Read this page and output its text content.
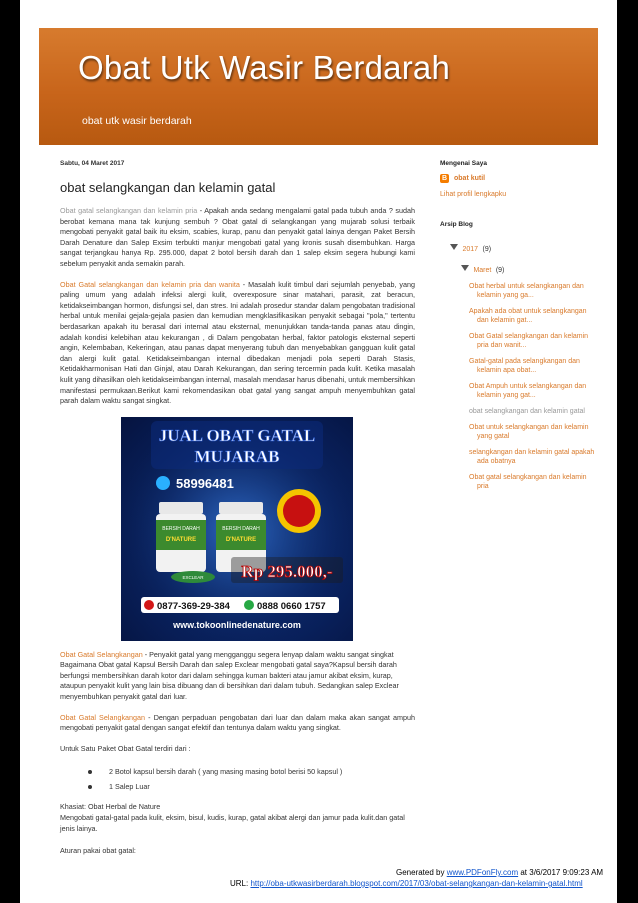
Obat Utk Wasir Berdarah
obat utk wasir berdarah
Sabtu, 04 Maret 2017
obat selangkangan dan kelamin gatal

Obat gatal selangkangan dan kelamin pria - Apakah anda sedang mengalami gatal pada tubuh anda ? sudah berobat kemana mana tak kunjung sembuh ? Obat gatal di selangkangan yang mujarab solusi terbaik mengobati penyakit gatal baik itu eksim, scabies, kurap, panu dan penyakit gatal lainya dengan Paket Bersih Darah Denature dan Salep Exsim terbukti manjur mengobati gatal yang kronis susah disembuhkan. Harga sangat terjangkau hanya Rp. 295.000, dapat 2 botol bersih darah dan 1 salep eksim segera hubungi kami sebelum penyakit anda semakin parah.

Obat Gatal selangkangan dan kelamin pria dan wanita - Masalah kulit timbul dari sejumlah penyebab, yang paling umum yang adalah infeksi alergi kulit, overexposure sinar matahari, parasit, zat beracun, ketidakseimbangan hormon, disfungsi sel, dan stres. Ini adalah prosedur standar dalam pengobatan tradisional herbal untuk menilai gejala-gejala pasien dan kemudian mengklasifikasikan penyakit sebagai "pola," tertentu berdasarkan apakah itu berasal dari internal atau eksternal, menunjukkan tanda-tanda panas atau dingin, adalah kondisi kelebihan atau kekurangan , di Dalam pengobatan herbal, faktor patologis eksternal seperti angin, Kelembaban, Kekeringan, atau panas dapat menyerang tubuh dan menyebabkan gangguan kulit gatal dan alergi kulit gatal. Ketidakseimbangan internal dibedakan menjadi pola seperti Darah Stasis, Ketidakharmonisan Hati dan Ginjal, atau Darah Kekurangan, dan sering tercermin pada kulit. Ketika masalah kulit yang dihasilkan oleh ketidakseimbangan internal, masalah mendasar harus dibenahi, untuk membersihkan manifestasi permukaan.Berikut kami rekomendasikan obat gatal yang sangat ampuh menyembuhkan gatal parah dalam waktu sangat singkat.

JUAL OBAT GATAL
MUJARAB
58996481
BERSIH DARAH
D'NATURE
BERSIH DARAH
D'NATURE
EXCLEAR Rp 295.000,-
0877-369-29-384	0888 0660 1757
www.tokoonlinedenature.com

Obat Gatal Selangkangan - Penyakit gatal yang mengganggu segera lenyap dalam waktu sangat singkat
Bagaimana Obat gatal Kapsul Bersih Darah dan salep Exclear mengobati gatal saya?Kapsul bersih darah berfungsi membersihkan darah kotor dari dalam sehingga kuman bakteri atau jamur akibat eksim, kurap, ataupun penyakit kulit yang lain bisa dibuang dan di bersihkan dari dalam tubuh. Sedangkan salep Exclear menyembuhkan penyakit gatal dari luar.

Obat Gatal Selangkangan - Dengan perpaduan pengobatan dari luar dan dalam maka akan sangat ampuh mengobati penyakit gatal dengan sangat efektif dan tentunya dalam waktu yang singkat.

Untuk Satu Paket Obat Gatal terdiri dari :

2 Botol kapsul bersih darah ( yang masing masing botol berisi 50 kapsul )
1 Salep Luar

Khasiat: Obat Herbal de Nature
Mengobati gatal-gatal pada kulit, eksim, bisul, kudis, kurap, gatal akibat alergi dan jamur pada kulit.dan gatal jenis lainya.

Aturan pakai obat gatal:

Mengenai Saya
B obat kutil
Lihat profil lengkapku
Arsip Blog
2017 (9)
Maret (9)
Obat herbal untuk selangkangan dan kelamin yang ga...
Apakah ada obat untuk selangkangan dan kelamin gat...
Obat Gatal selangkangan dan kelamin pria dan wanit...
Gatal-gatal pada selangkangan dan kelamin apa obat...
Obat Ampuh untuk selangkangan dan kelamin yang gat...
obat selangkangan dan kelamin gatal
Obat untuk selangkangan dan kelamin yang gatal
selangkangan dan kelamin gatal apakah ada obatnya
Obat gatal selangkangan dan kelamin pria
Generated by www.PDFonFly.com at 3/6/2017 9:09:23 AM
URL: http://oba-utkwasirberdarah.blogspot.com/2017/03/obat-selangkangan-dan-kelamin-gatal.html
